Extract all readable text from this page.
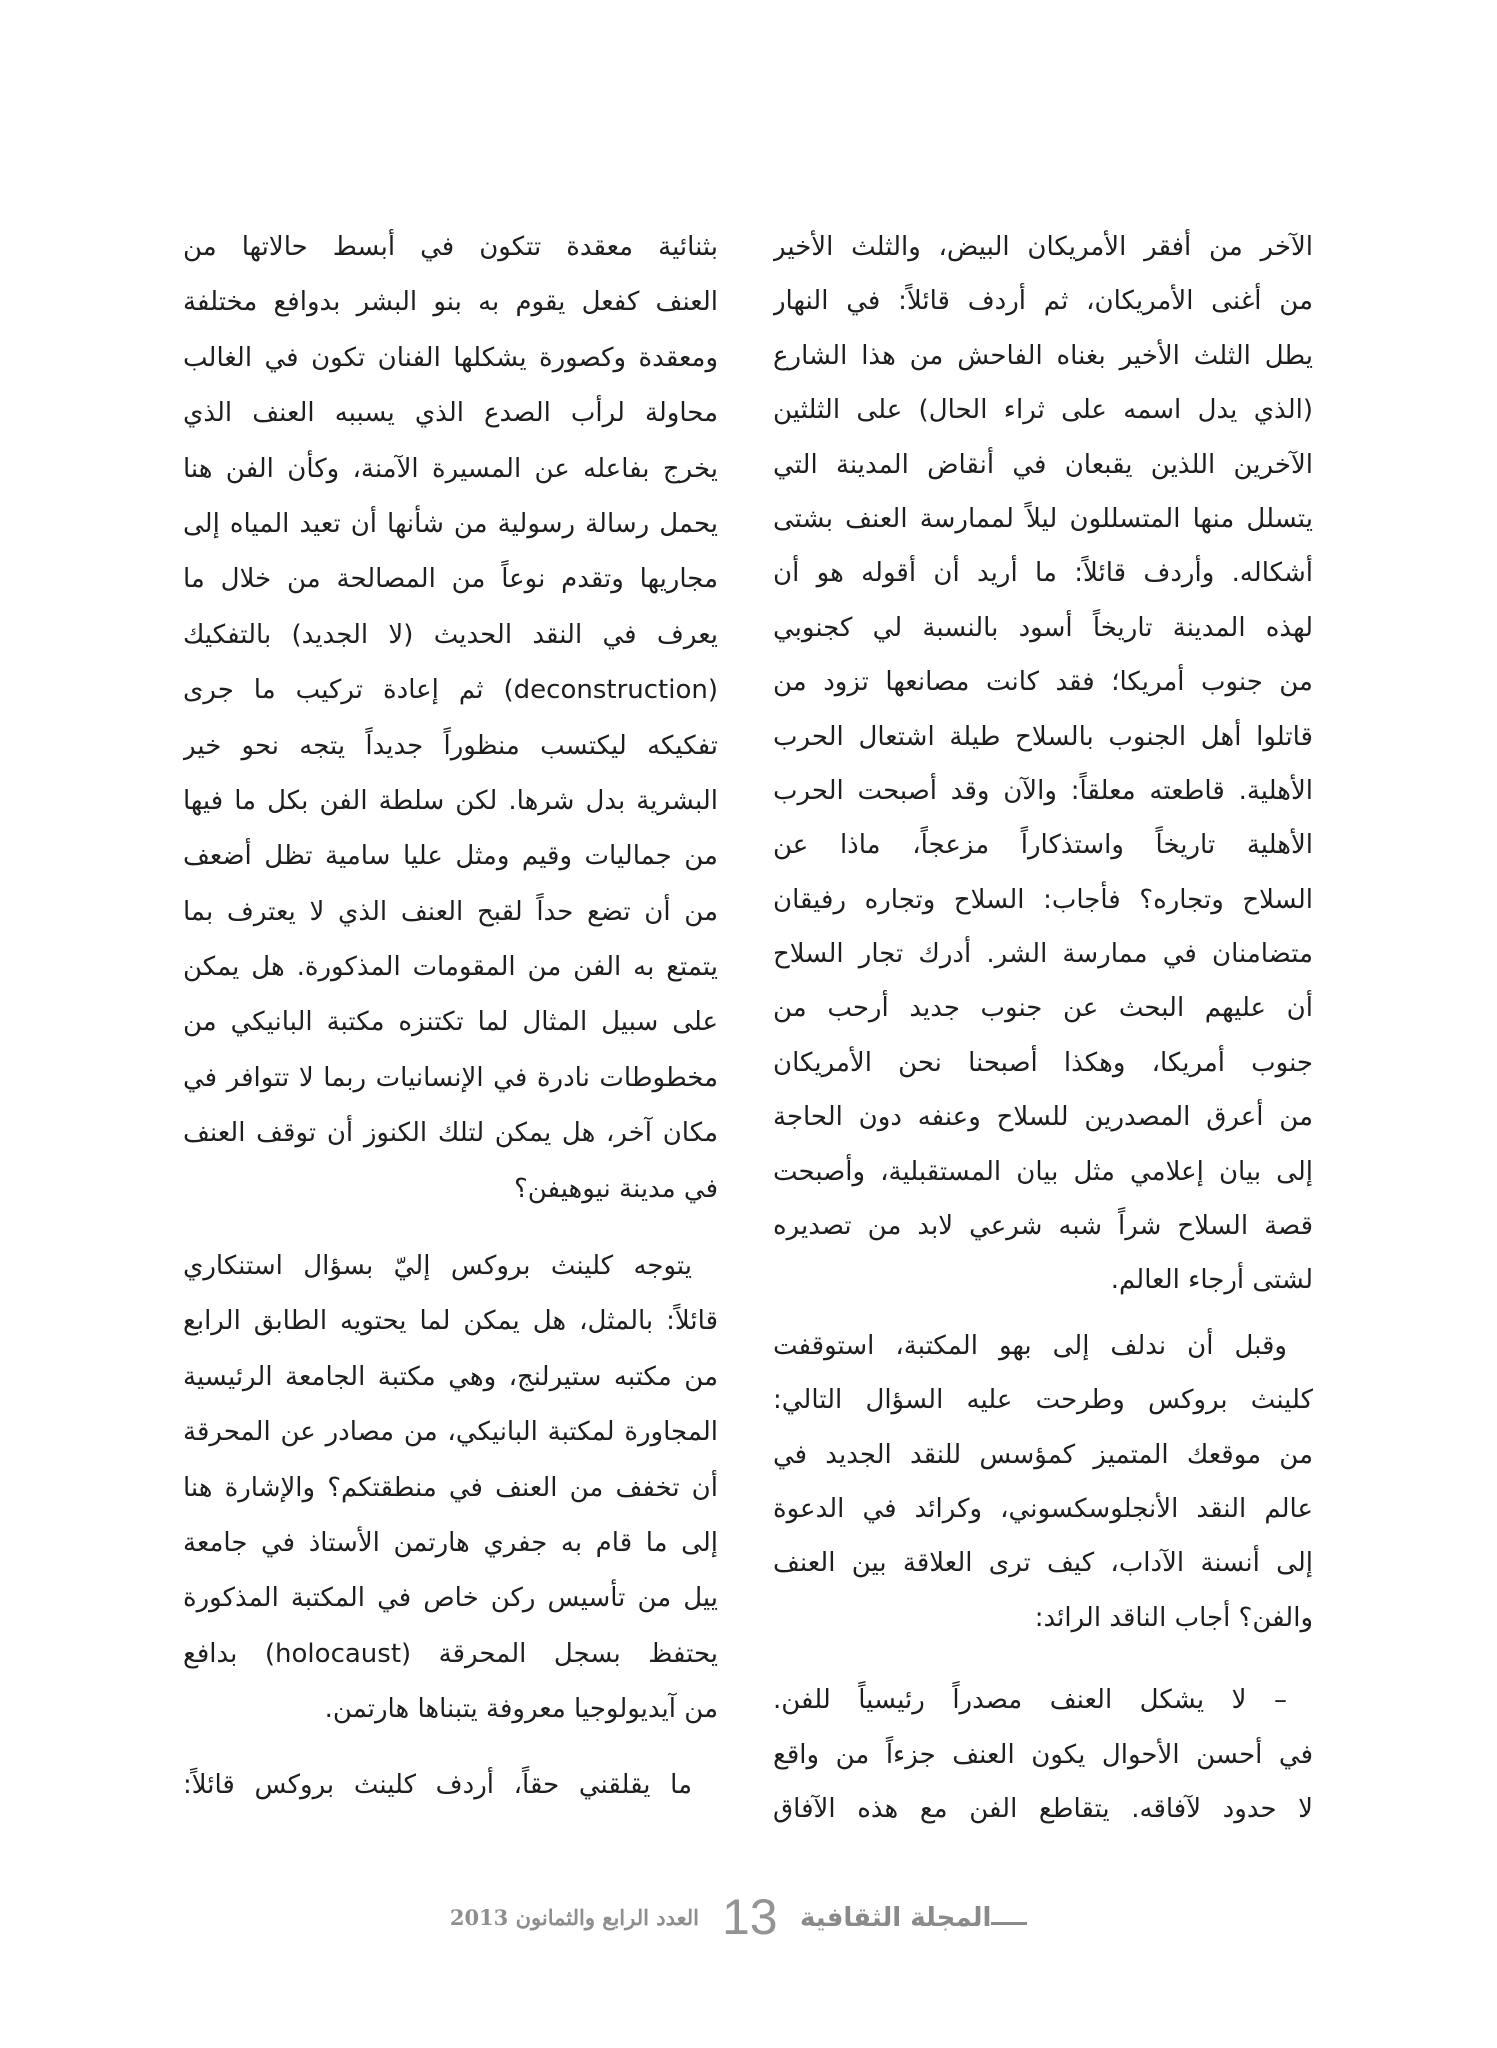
الآخر من أفقر الأمريكان البيض، والثلث الأخير
من أغنى الأمريكان، ثم أردف قائلاً: في النهار
يطل الثلث الأخير بغناه الفاحش من هذا الشارع
(الذي يدل اسمه على ثراء الحال) على الثلثين
الآخرين اللذين يقبعان في أنقاض المدينة التي
يتسلل منها المتسللون ليلاً لممارسة العنف بشتى
أشكاله. وأردف قائلاً: ما أريد أن أقوله هو أن
لهذه المدينة تاريخاً أسود بالنسبة لي كجنوبي
من جنوب أمريكا؛ فقد كانت مصانعها تزود من
قاتلوا أهل الجنوب بالسلاح طيلة اشتعال الحرب
الأهلية. قاطعته معلقاً: والآن وقد أصبحت الحرب
الأهلية تاريخاً واستذكاراً مزعجاً، ماذا عن
السلاح وتجاره؟ فأجاب: السلاح وتجاره رفيقان
متضامنان في ممارسة الشر. أدرك تجار السلاح
أن عليهم البحث عن جنوب جديد أرحب من
جنوب أمريكا، وهكذا أصبحنا نحن الأمريكان
من أعرق المصدرين للسلاح وعنفه دون الحاجة
إلى بيان إعلامي مثل بيان المستقبلية، وأصبحت
قصة السلاح شراً شبه شرعي لابد من تصديره
لشتى أرجاء العالم.
وقبل أن ندلف إلى بهو المكتبة، استوقفت
كلينث بروكس وطرحت عليه السؤال التالي:
من موقعك المتميز كمؤسس للنقد الجديد في
عالم النقد الأنجلوسكسوني، وكرائد في الدعوة
إلى أنسنة الآداب، كيف ترى العلاقة بين العنف
والفن؟ أجاب الناقد الرائد:
– لا يشكل العنف مصدراً رئيسياً للفن.
في أحسن الأحوال يكون العنف جزءاً من واقع
لا حدود لآفاقه. يتقاطع الفن مع هذه الآفاق
بثنائية معقدة تتكون في أبسط حالاتها من
العنف كفعل يقوم به بنو البشر بدوافع مختلفة
ومعقدة وكصورة يشكلها الفنان تكون في الغالب
محاولة لرأب الصدع الذي يسببه العنف الذي
يخرج بفاعله عن المسيرة الآمنة، وكأن الفن هنا
يحمل رسالة رسولية من شأنها أن تعيد المياه إلى
مجاريها وتقدم نوعاً من المصالحة من خلال ما
يعرف في النقد الحديث (لا الجديد) بالتفكيك
(deconstruction) ثم إعادة تركيب ما جرى
تفكيكه ليكتسب منظوراً جديداً يتجه نحو خير
البشرية بدل شرها. لكن سلطة الفن بكل ما فيها
من جماليات وقيم ومثل عليا سامية تظل أضعف
من أن تضع حداً لقبح العنف الذي لا يعترف بما
يتمتع به الفن من المقومات المذكورة. هل يمكن
على سبيل المثال لما تكتنزه مكتبة البانيكي من
مخطوطات نادرة في الإنسانيات ربما لا تتوافر في
مكان آخر، هل يمكن لتلك الكنوز أن توقف العنف
في مدينة نيوهيفن؟
يتوجه كلينث بروكس إليّ بسؤال استنكاري
قائلاً: بالمثل، هل يمكن لما يحتويه الطابق الرابع
من مكتبه ستيرلنج، وهي مكتبة الجامعة الرئيسية
المجاورة لمكتبة البانيكي، من مصادر عن المحرقة
أن تخفف من العنف في منطقتكم؟ والإشارة هنا
إلى ما قام به جفري هارتمن الأستاذ في جامعة
ييل من تأسيس ركن خاص في المكتبة المذكورة
يحتفظ بسجل المحرقة (holocaust) بدافع
من آيديولوجيا معروفة يتبناها هارتمن.
ما يقلقني حقاً، أردف كلينث بروكس قائلاً:
المجلة الثقافية
13
العدد الرابع والثمانون 2013
